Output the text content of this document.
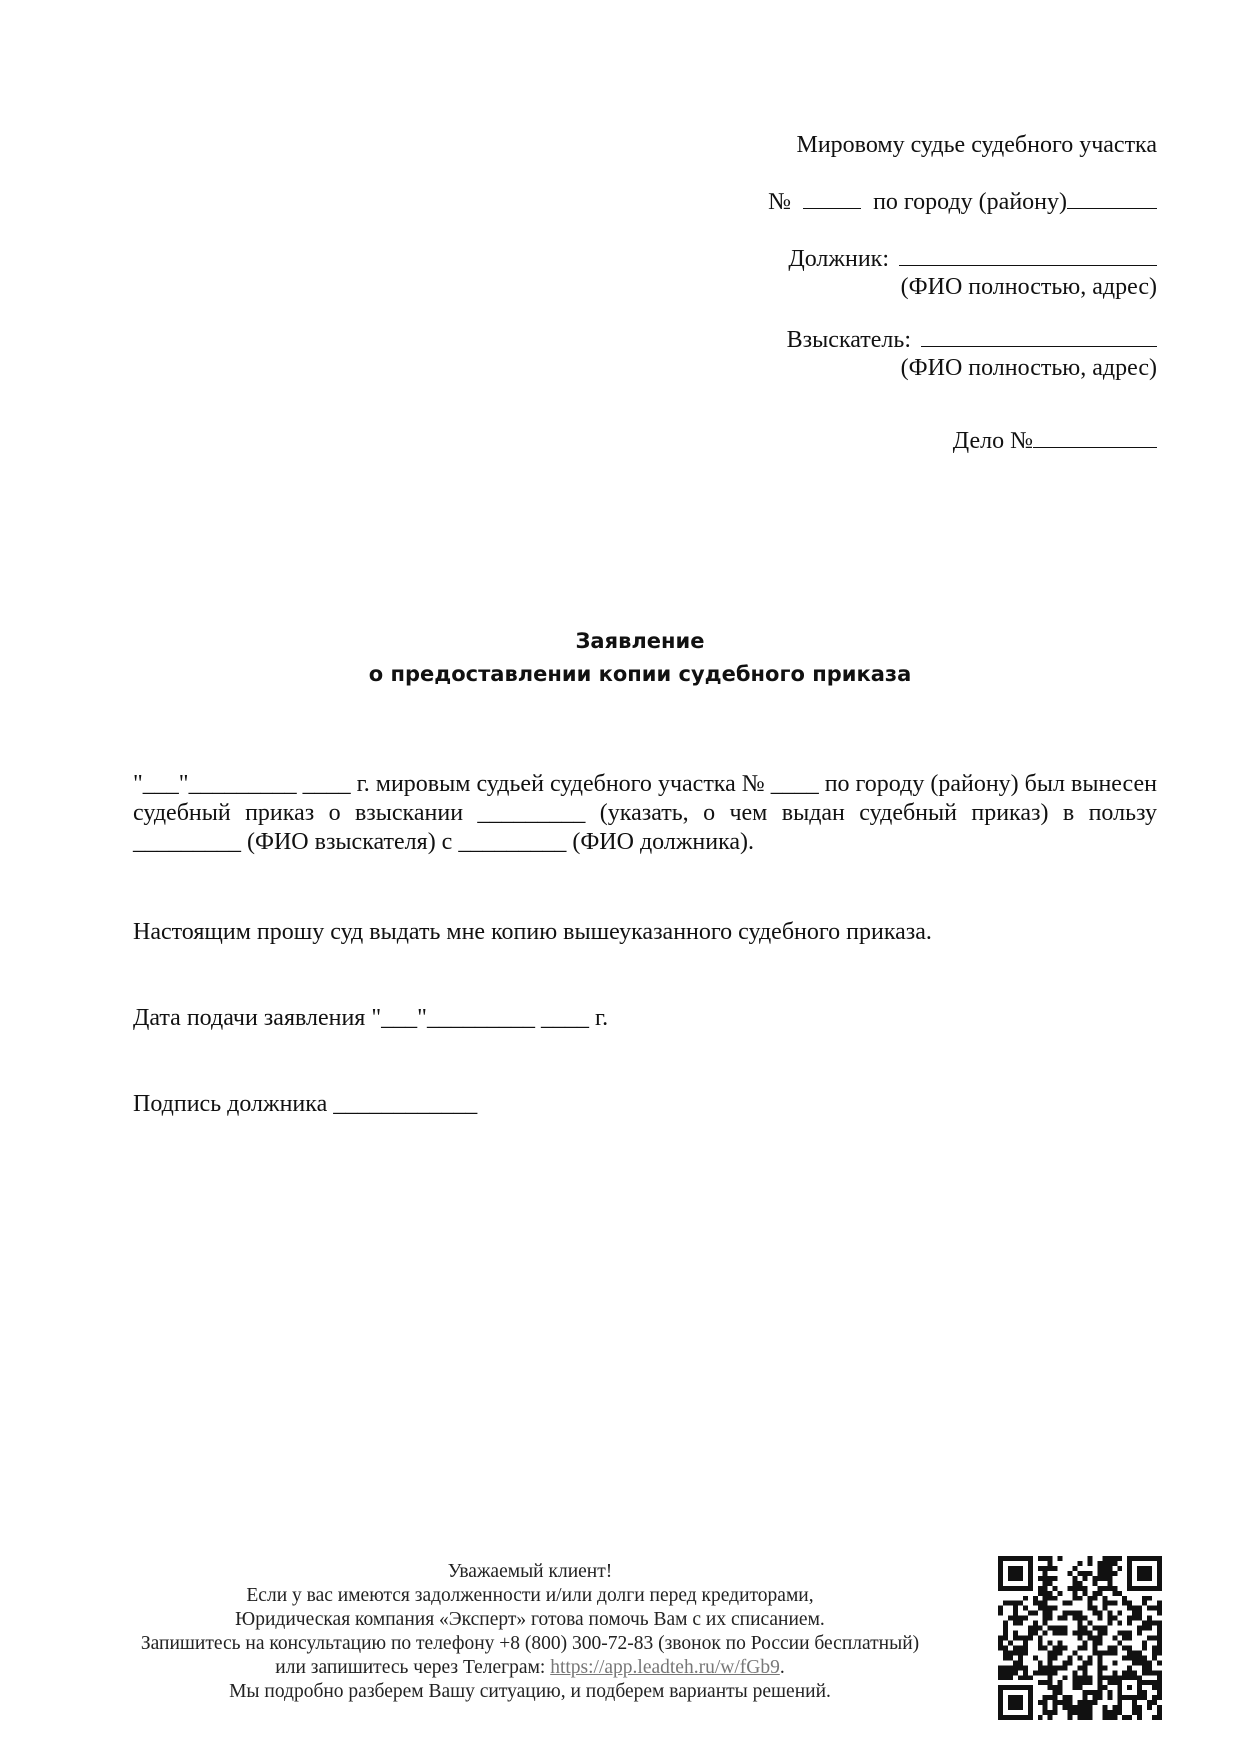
Мировому судье судебного участка
№	по городу (району)
Должник:
(ФИО полностью, адрес)
Взыскатель:
(ФИО полностью, адрес)
Дело №
Заявление
о предоставлении копии судебного приказа
"___"_________ ____ г. мировым судьей судебного участка № ____ по городу (району) был вынесен судебный приказ о взыскании _________ (указать, о чем выдан судебный приказ) в пользу _________ (ФИО взыскателя) с _________ (ФИО должника).
Настоящим прошу суд выдать мне копию вышеуказанного судебного приказа.
Дата подачи заявления "___"_________ ____ г.
Подпись должника ____________
Уважаемый клиент!
Если у вас имеются задолженности и/или долги перед кредиторами,
Юридическая компания «Эксперт» готова помочь Вам с их списанием.
Запишитесь на консультацию по телефону +8 (800) 300-72-83 (звонок по России бесплатный)
или запишитесь через Телеграм: https://app.leadteh.ru/w/fGb9.
Мы подробно разберем Вашу ситуацию, и подберем варианты решений.
